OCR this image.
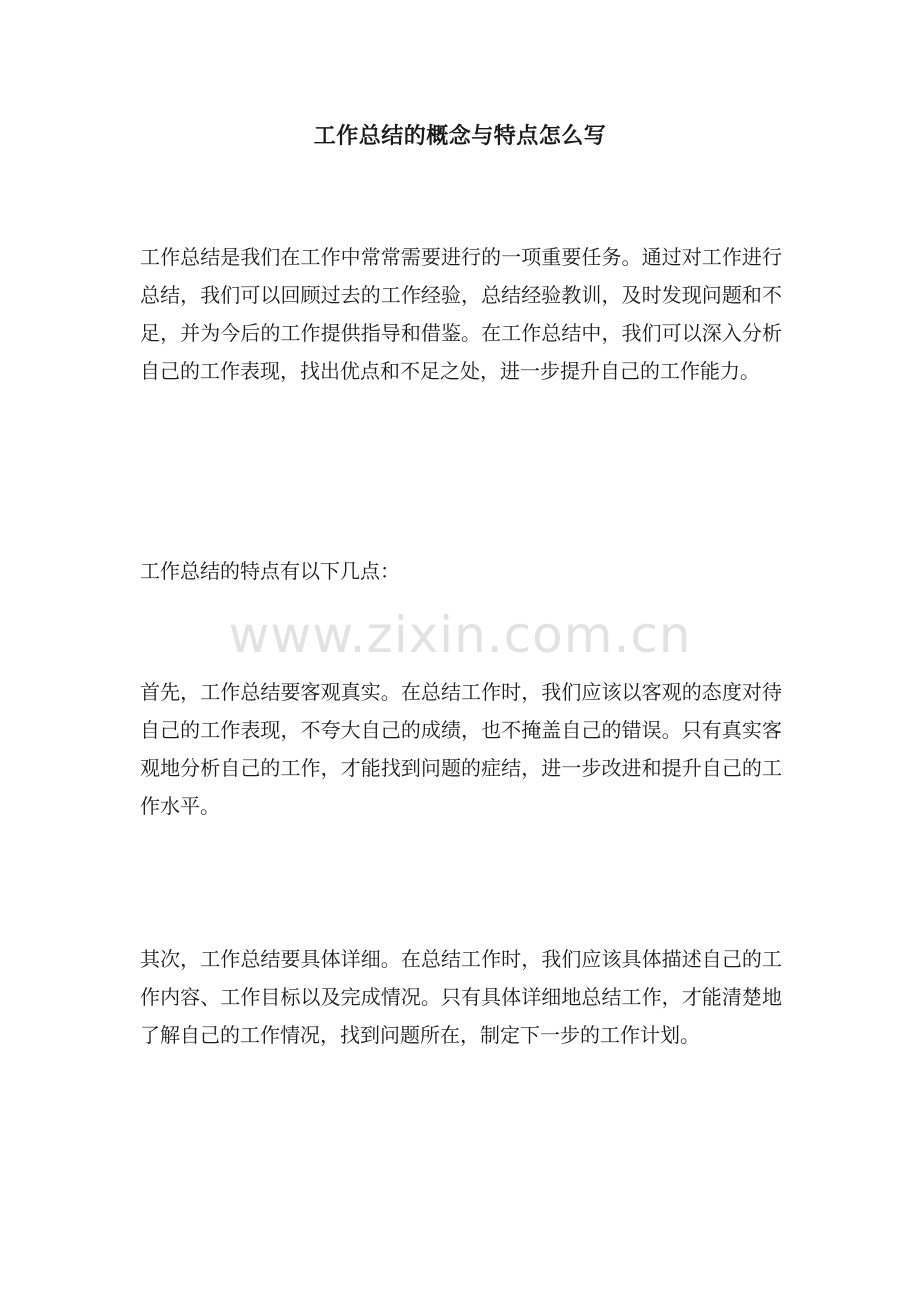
工作总结的概念与特点怎么写

工作总结是我们在工作中常常需要进行的一项重要任务。通过对工作进行总结，我们可以回顾过去的工作经验，总结经验教训，及时发现问题和不足，并为今后的工作提供指导和借鉴。在工作总结中，我们可以深入分析自己的工作表现，找出优点和不足之处，进一步提升自己的工作能力。

工作总结的特点有以下几点：

首先，工作总结要客观真实。在总结工作时，我们应该以客观的态度对待自己的工作表现，不夸大自己的成绩，也不掩盖自己的错误。只有真实客观地分析自己的工作，才能找到问题的症结，进一步改进和提升自己的工作水平。

其次，工作总结要具体详细。在总结工作时，我们应该具体描述自己的工作内容、工作目标以及完成情况。只有具体详细地总结工作，才能清楚地了解自己的工作情况，找到问题所在，制定下一步的工作计划。

www.zixin.com.cn
